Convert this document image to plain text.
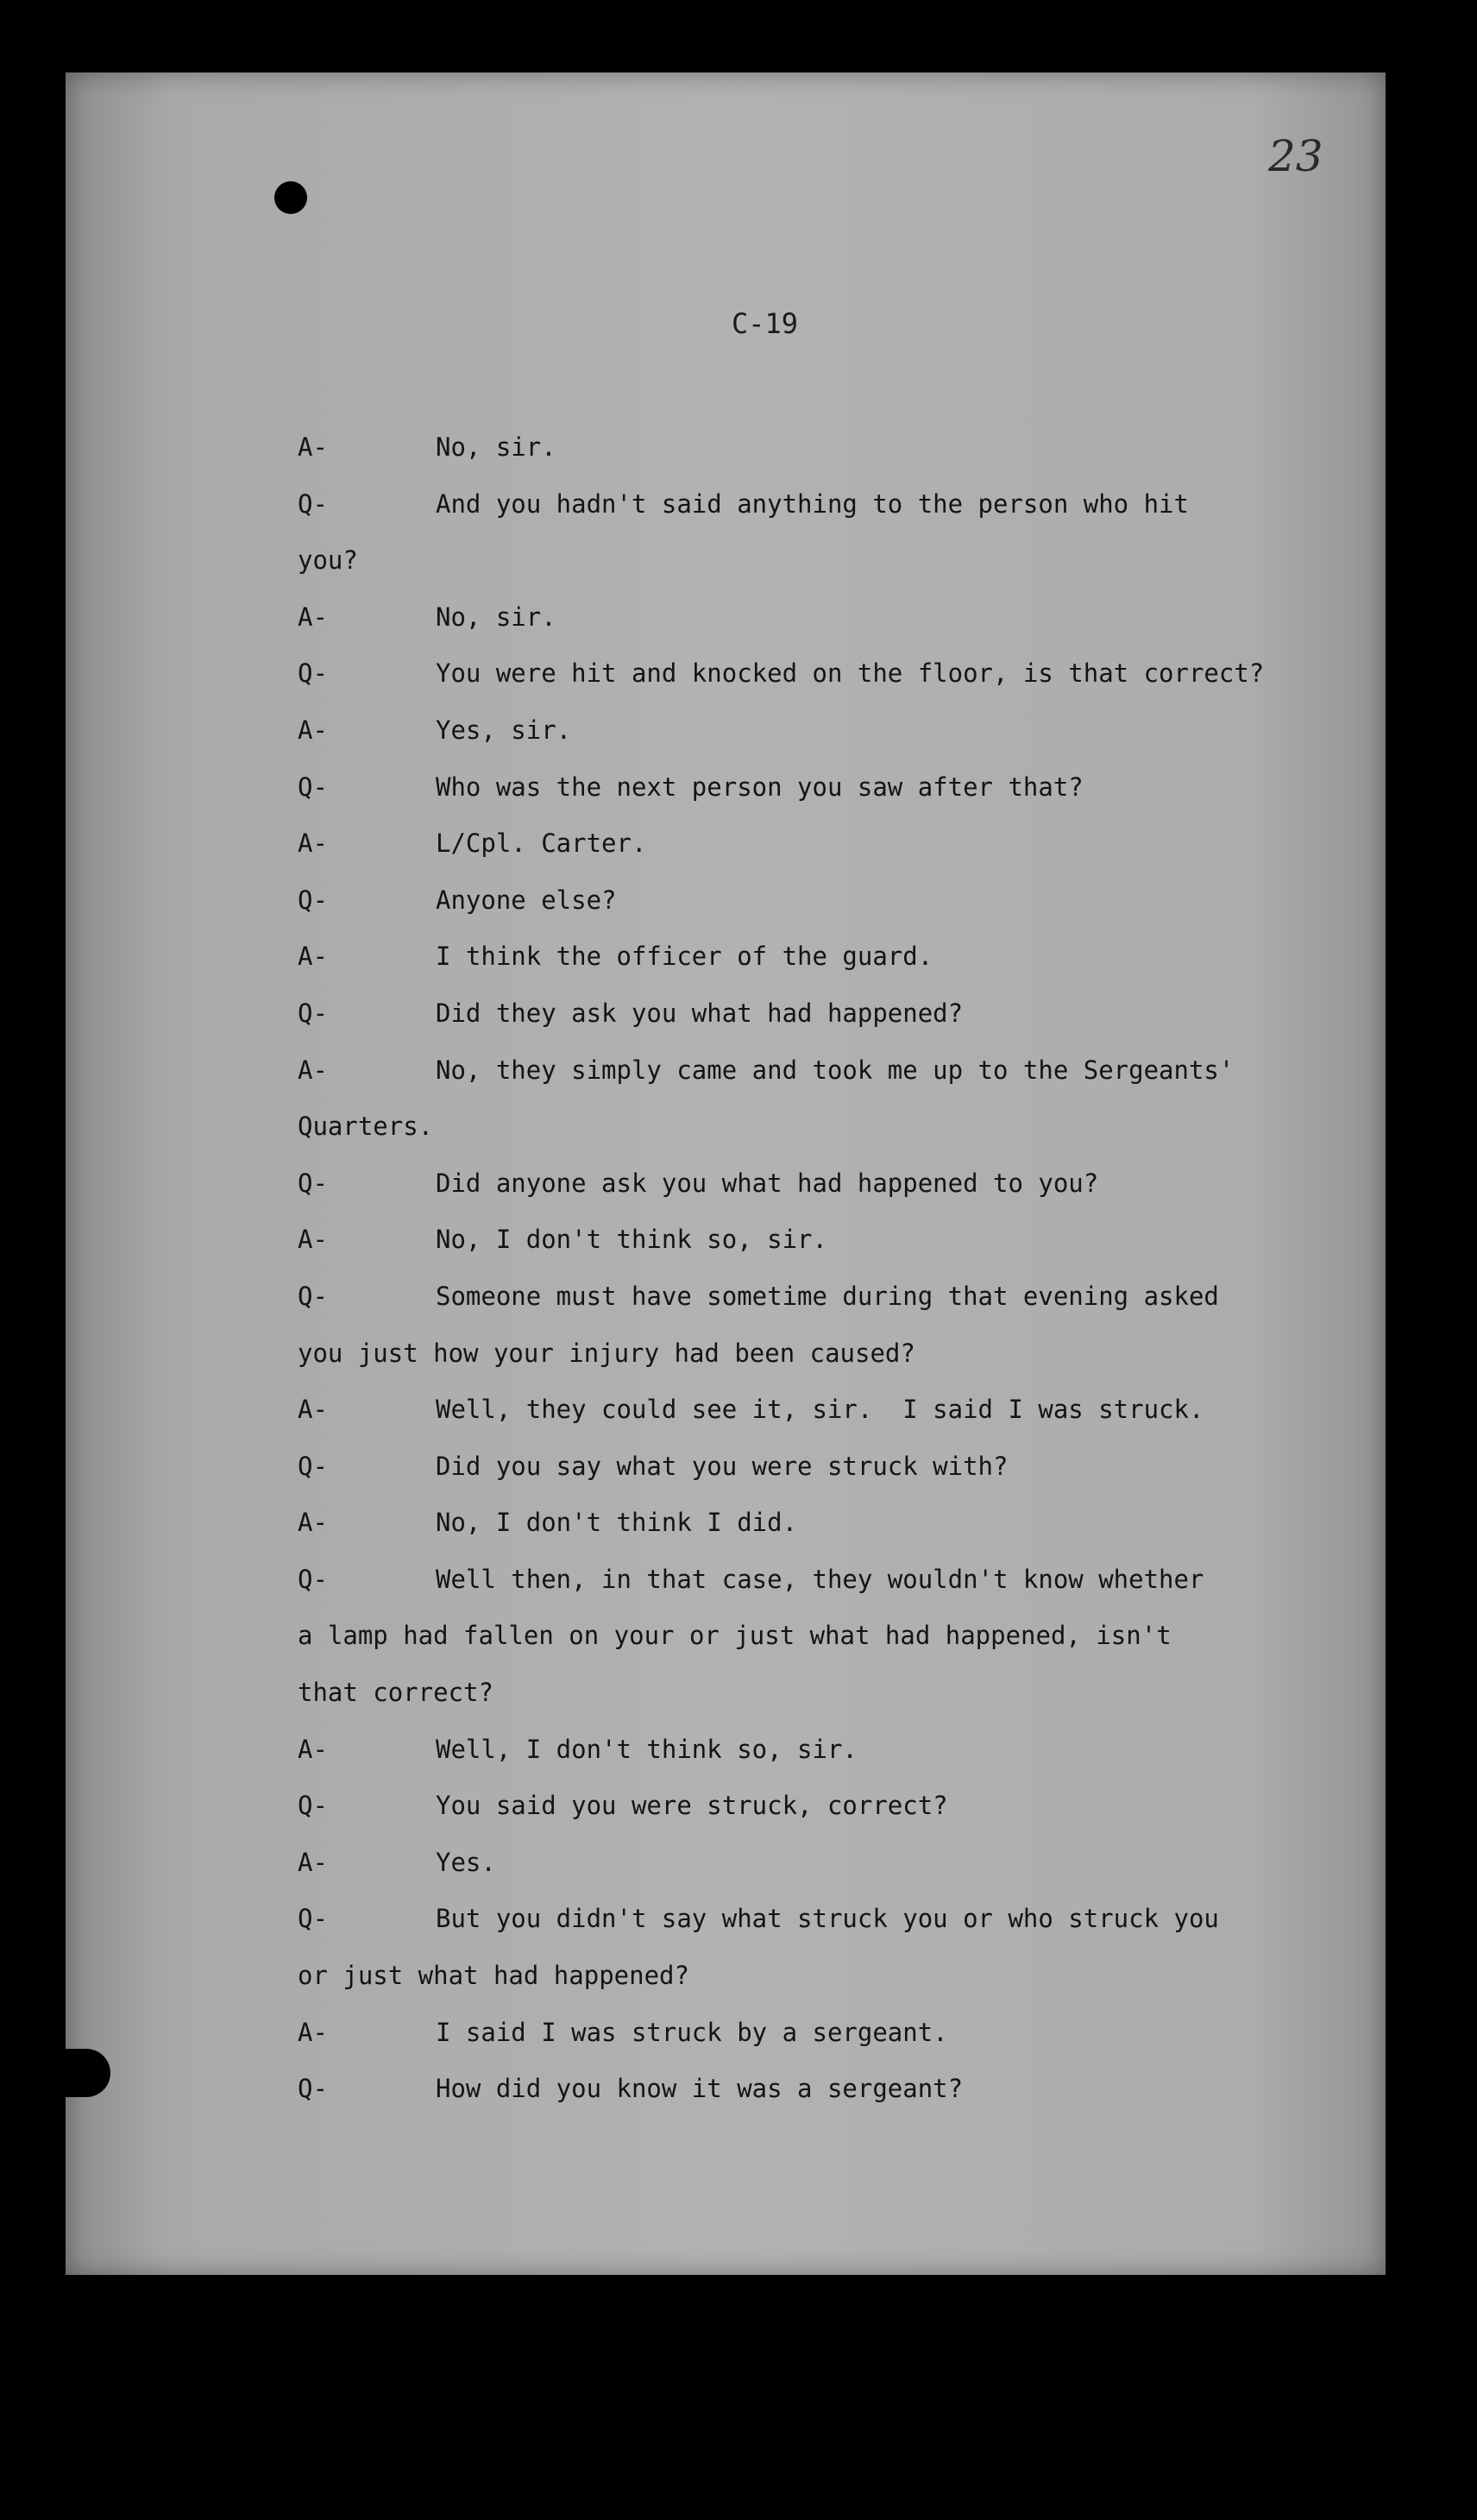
23
C-19
A-	No, sir.
Q-	And you hadn't said anything to the person who hit
you?
A-	No, sir.
Q-	You were hit and knocked on the floor, is that correct?
A-	Yes, sir.
Q-	Who was the next person you saw after that?
A-	L/Cpl. Carter.
Q-	Anyone else?
A-	I think the officer of the guard.
Q-	Did they ask you what had happened?
A-	No, they simply came and took me up to the Sergeants'
Quarters.
Q-	Did anyone ask you what had happened to you?
A-	No, I don't think so, sir.
Q-	Someone must have sometime during that evening asked
you just how your injury had been caused?
A-	Well, they could see it, sir.  I said I was struck.
Q-	Did you say what you were struck with?
A-	No, I don't think I did.
Q-	Well then, in that case, they wouldn't know whether
a lamp had fallen on your or just what had happened, isn't
that correct?
A-	Well, I don't think so, sir.
Q-	You said you were struck, correct?
A-	Yes.
Q-	But you didn't say what struck you or who struck you
or just what had happened?
A-	I said I was struck by a sergeant.
Q-	How did you know it was a sergeant?
